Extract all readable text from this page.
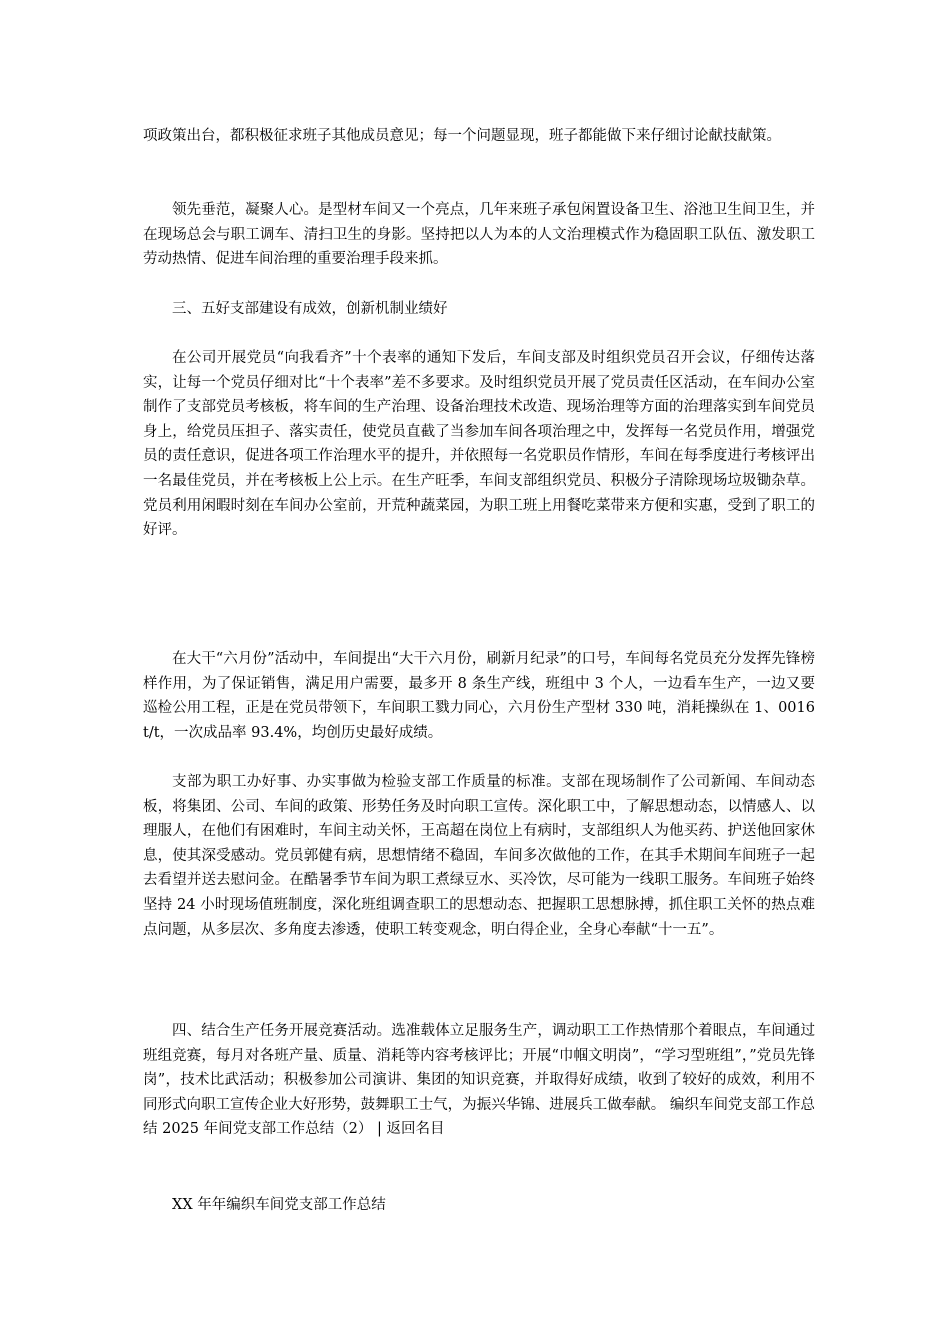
项政策出台，都积极征求班子其他成员意见；每一个问题显现，班子都能做下来仔细讨论献技献策。

领先垂范，凝聚人心。是型材车间又一个亮点，几年来班子承包闲置设备卫生、浴池卫生间卫生，并在现场总会与职工调车、清扫卫生的身影。坚持把以人为本的人文治理模式作为稳固职工队伍、激发职工劳动热情、促进车间治理的重要治理手段来抓。

三、五好支部建设有成效，创新机制业绩好

在公司开展党员“向我看齐”十个表率的通知下发后，车间支部及时组织党员召开会议，仔细传达落实，让每一个党员仔细对比“十个表率”差不多要求。及时组织党员开展了党员责任区活动，在车间办公室制作了支部党员考核板，将车间的生产治理、设备治理技术改造、现场治理等方面的治理落实到车间党员身上，给党员压担子、落实责任，使党员直截了当参加车间各项治理之中，发挥每一名党员作用，增强党员的责任意识，促进各项工作治理水平的提升，并依照每一名党职员作情形，车间在每季度进行考核评出一名最佳党员，并在考核板上公上示。在生产旺季，车间支部组织党员、积极分子清除现场垃圾锄杂草。党员利用闲暇时刻在车间办公室前，开荒种蔬菜园，为职工班上用餐吃菜带来方便和实惠，受到了职工的好评。

在大干“六月份”活动中，车间提出“大干六月份，刷新月纪录”的口号，车间每名党员充分发挥先锋榜样作用，为了保证销售，满足用户需要，最多开 8 条生产线，班组中 3 个人，一边看车生产，一边又要巡检公用工程，正是在党员带领下，车间职工戮力同心，六月份生产型材 330 吨，消耗操纵在 1、0016t/t，一次成品率 93.4%，均创历史最好成绩。

支部为职工办好事、办实事做为检验支部工作质量的标准。支部在现场制作了公司新闻、车间动态板，将集团、公司、车间的政策、形势任务及时向职工宣传。深化职工中，了解思想动态，以情感人、以理服人，在他们有困难时，车间主动关怀，王高超在岗位上有病时，支部组织人为他买药、护送他回家休息，使其深受感动。党员郭健有病，思想情绪不稳固，车间多次做他的工作，在其手术期间车间班子一起去看望并送去慰问金。在酷暑季节车间为职工煮绿豆水、买冷饮，尽可能为一线职工服务。车间班子始终坚持 24 小时现场值班制度，深化班组调查职工的思想动态、把握职工思想脉搏，抓住职工关怀的热点难点问题，从多层次、多角度去渗透，使职工转变观念，明白得企业，全身心奉献“十一五”。

四、结合生产任务开展竞赛活动。选准载体立足服务生产，调动职工工作热情那个着眼点，车间通过班组竞赛，每月对各班产量、质量、消耗等内容考核评比；开展“巾帼文明岗”，“学习型班组”，”党员先锋岗”，技术比武活动；积极参加公司演讲、集团的知识竞赛，并取得好成绩，收到了较好的成效，利用不同形式向职工宣传企业大好形势，鼓舞职工士气，为振兴华锦、进展兵工做奉献。 编织车间党支部工作总结 2025 年间党支部工作总结（2） | 返回名目

XX 年年编织车间党支部工作总结
